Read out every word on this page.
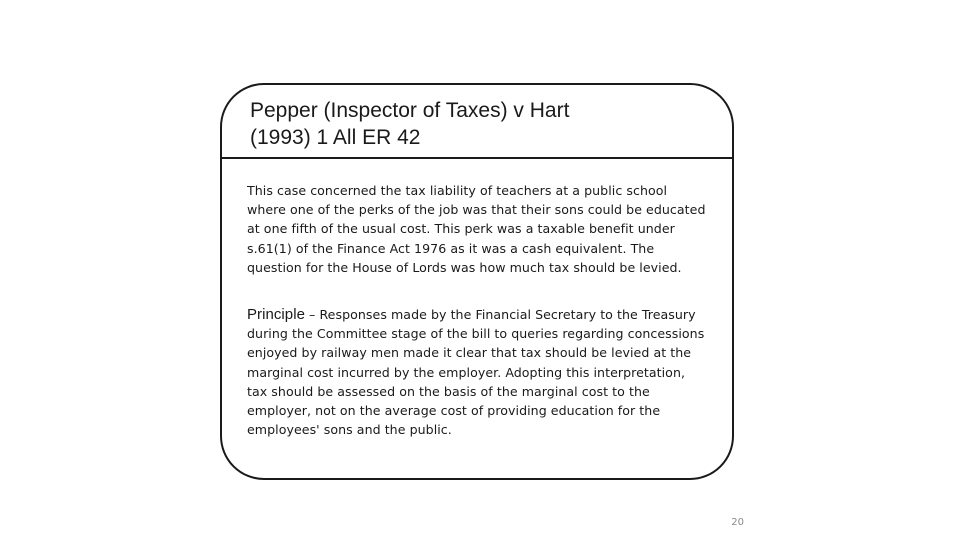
Pepper (Inspector of Taxes) v Hart
(1993) 1 All ER 42
This case concerned the tax liability of teachers at a public school where one of the perks of the job was that their sons could be educated at one fifth of the usual cost. This perk was a taxable benefit under s.61(1) of the Finance Act 1976 as it was a cash equivalent. The question for the House of Lords was how much tax should be levied.
Principle – Responses made by the Financial Secretary to the Treasury during the Committee stage of the bill to queries regarding concessions enjoyed by railway men made it clear that tax should be levied at the marginal cost incurred by the employer. Adopting this interpretation, tax should be assessed on the basis of the marginal cost to the employer, not on the average cost of providing education for the employees' sons and the public.
20
